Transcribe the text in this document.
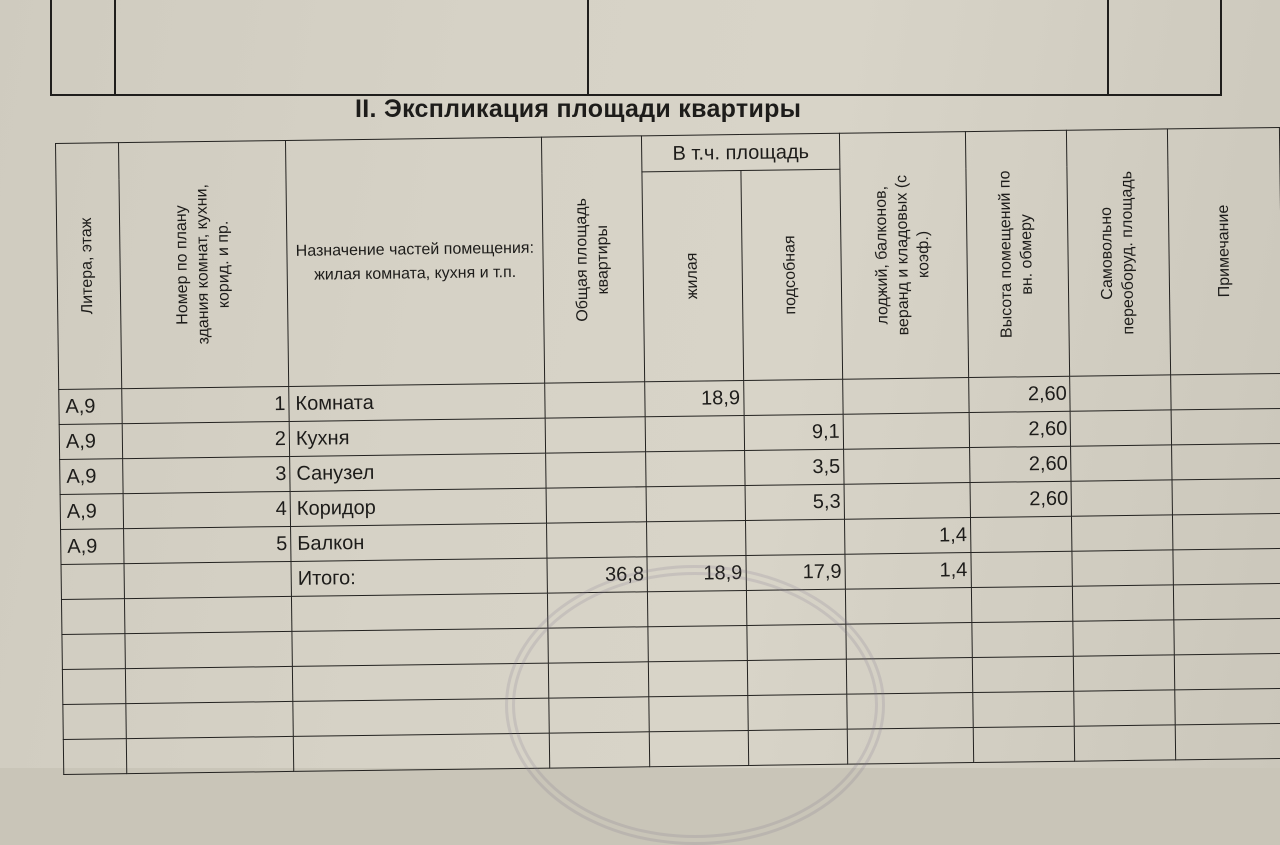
II. Экспликация площади квартиры
Литера, этаж	Номер по плану
здания комнат, кухни,
корид. и пр.	Назначение частей помещения: жилая комната, кухня и т.п.	Общая площадь
квартиры	В т.ч. площадь		лоджий, балконов,
веранд и кладовых (с
коэф.)	Высота помещений по
вн. обмеру	Самовольно
переоборуд. площадь	Примечание

				жилая	подсобная				

А,9	1	Комната		18,9			2,60		
А,9	2	Кухня			9,1		2,60		
А,9	3	Санузел			3,5		2,60		
А,9	4	Коридор			5,3		2,60		
А,9	5	Балкон				1,4			
		Итого:	36,8	18,9	17,9	1,4			
